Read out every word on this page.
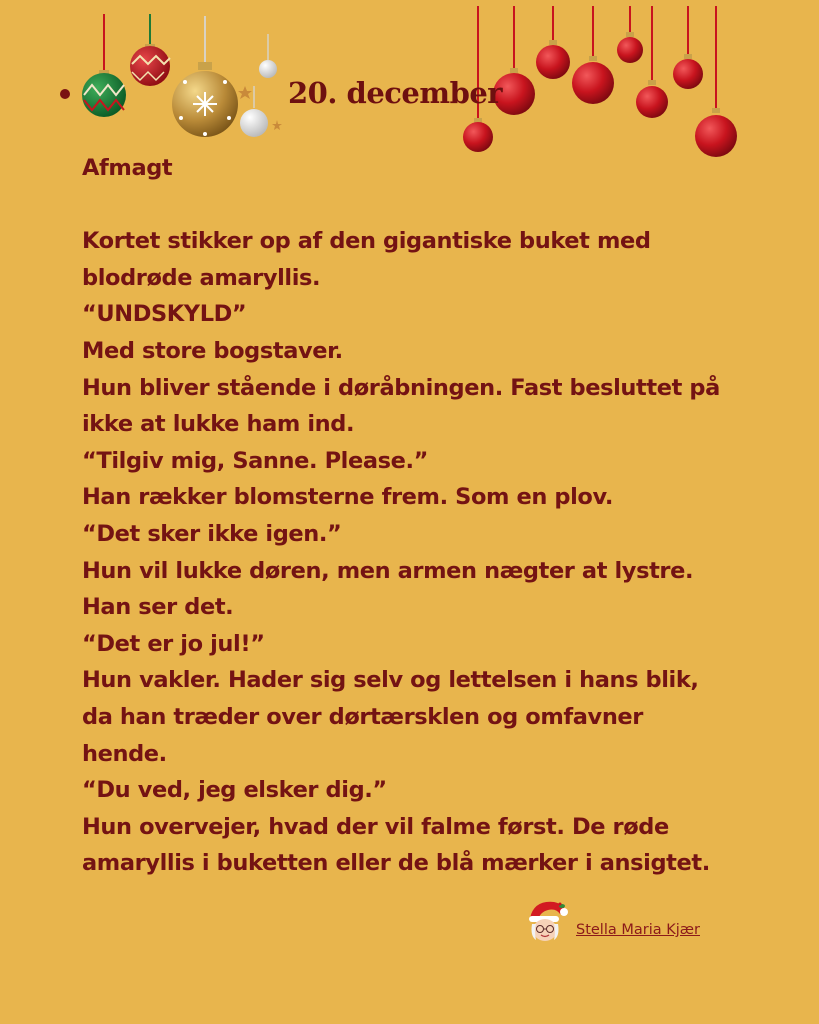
20. december
Afmagt
Kortet stikker op af den gigantiske buket med
blodrøde amaryllis.
“UNDSKYLD”
Med store bogstaver.
Hun bliver stående i døråbningen. Fast besluttet på
ikke at lukke ham ind.
“Tilgiv mig, Sanne. Please.”
Han rækker blomsterne frem. Som en plov.
“Det sker ikke igen.”
Hun vil lukke døren, men armen nægter at lystre.
Han ser det.
“Det er jo jul!”
Hun vakler. Hader sig selv og lettelsen i hans blik,
da han træder over dørtærsklen og omfavner
hende.
“Du ved, jeg elsker dig.”
Hun overvejer, hvad der vil falme først. De røde
amaryllis i buketten eller de blå mærker i ansigtet.
Stella Maria Kjær
